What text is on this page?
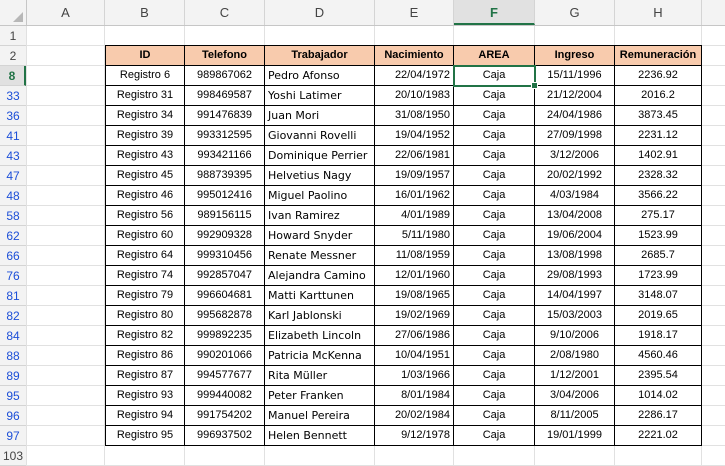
A	B	C	D	E	F	G	H
1
2
8
33
36
41
43
47
48
58
62
66
76
81
82
84
88
89
95
96
97
103
ID	Telefono	Trabajador	Nacimiento	AREA	Ingreso	Remuneración
Registro 6	989867062	Pedro Afonso	22/04/1972	Caja	15/11/1996	2236.92
Registro 31	998469587	Yoshi Latimer	20/10/1983	Caja	21/12/2004	2016.2
Registro 34	991476839	Juan Mori	31/08/1950	Caja	24/04/1986	3873.45
Registro 39	993312595	Giovanni Rovelli	19/04/1952	Caja	27/09/1998	2231.12
Registro 43	993421166	Dominique Perrier	22/06/1981	Caja	3/12/2006	1402.91
Registro 45	988739395	Helvetius Nagy	19/09/1957	Caja	20/02/1992	2328.32
Registro 46	995012416	Miguel Paolino	16/01/1962	Caja	4/03/1984	3566.22
Registro 56	989156115	Ivan Ramirez	4/01/1989	Caja	13/04/2008	275.17
Registro 60	992909328	Howard Snyder	5/11/1980	Caja	19/06/2004	1523.99
Registro 64	999310456	Renate Messner	11/08/1959	Caja	13/08/1998	2685.7
Registro 74	992857047	Alejandra Camino	12/01/1960	Caja	29/08/1993	1723.99
Registro 79	996604681	Matti Karttunen	19/08/1965	Caja	14/04/1997	3148.07
Registro 80	995682878	Karl Jablonski	19/02/1969	Caja	15/03/2003	2019.65
Registro 82	999892235	Elizabeth Lincoln	27/06/1986	Caja	9/10/2006	1918.17
Registro 86	990201066	Patricia McKenna	10/04/1951	Caja	2/08/1980	4560.46
Registro 87	994577677	Rita Müller	1/03/1966	Caja	1/12/2001	2395.54
Registro 93	999440082	Peter Franken	8/01/1984	Caja	3/04/2006	1014.02
Registro 94	991754202	Manuel Pereira	20/02/1984	Caja	8/11/2005	2286.17
Registro 95	996937502	Helen Bennett	9/12/1978	Caja	19/01/1999	2221.02
